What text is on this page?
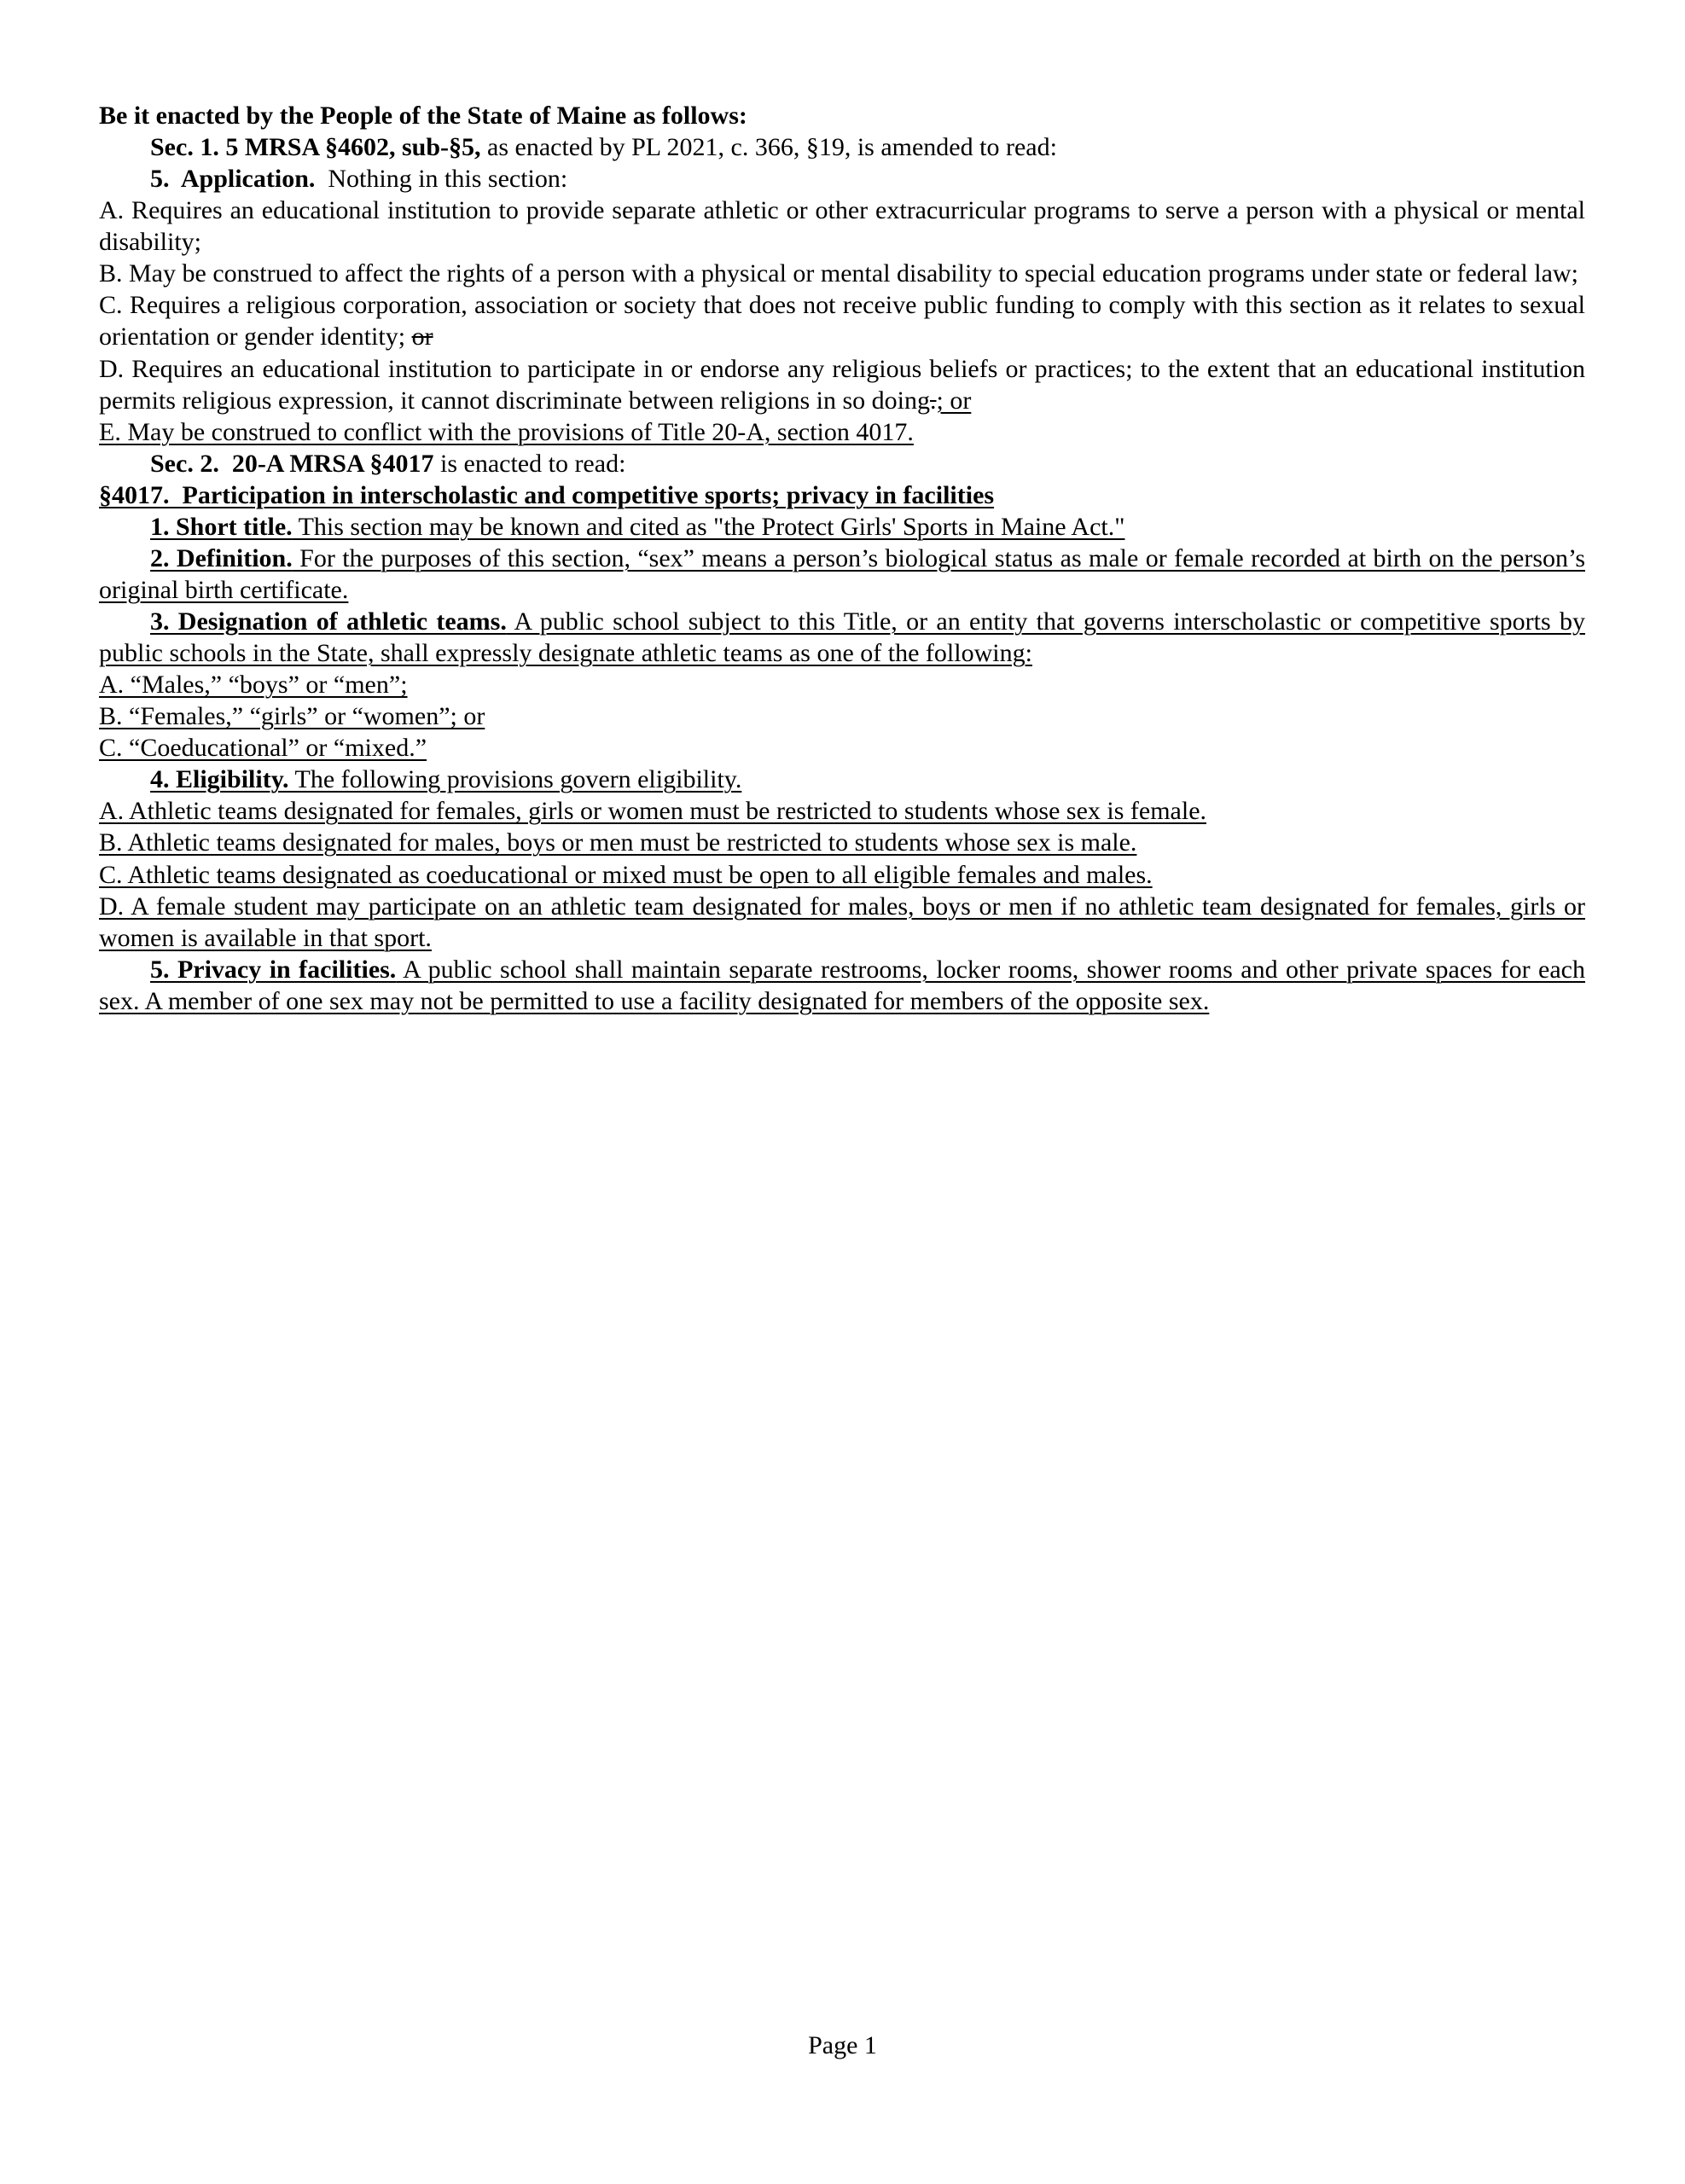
Be it enacted by the People of the State of Maine as follows:
Sec. 1. 5 MRSA §4602, sub-§5, as enacted by PL 2021, c. 366, §19, is amended to read:
5.  Application.  Nothing in this section:
A. Requires an educational institution to provide separate athletic or other extracurricular programs to serve a person with a physical or mental disability;
B. May be construed to affect the rights of a person with a physical or mental disability to special education programs under state or federal law;
C. Requires a religious corporation, association or society that does not receive public funding to comply with this section as it relates to sexual orientation or gender identity; or
D. Requires an educational institution to participate in or endorse any religious beliefs or practices; to the extent that an educational institution permits religious expression, it cannot discriminate between religions in so doing.; or
E. May be construed to conflict with the provisions of Title 20-A, section 4017.
Sec. 2.  20-A MRSA §4017 is enacted to read:
§4017.  Participation in interscholastic and competitive sports; privacy in facilities
1. Short title. This section may be known and cited as "the Protect Girls' Sports in Maine Act."
2. Definition. For the purposes of this section, “sex” means a person’s biological status as male or female recorded at birth on the person’s original birth certificate.
3. Designation of athletic teams. A public school subject to this Title, or an entity that governs interscholastic or competitive sports by public schools in the State, shall expressly designate athletic teams as one of the following:
A. “Males,” “boys” or “men”;
B. “Females,” “girls” or “women”; or
C. “Coeducational” or “mixed.”
4. Eligibility. The following provisions govern eligibility.
A. Athletic teams designated for females, girls or women must be restricted to students whose sex is female.
B. Athletic teams designated for males, boys or men must be restricted to students whose sex is male.
C. Athletic teams designated as coeducational or mixed must be open to all eligible females and males.
D. A female student may participate on an athletic team designated for males, boys or men if no athletic team designated for females, girls or women is available in that sport.
5. Privacy in facilities. A public school shall maintain separate restrooms, locker rooms, shower rooms and other private spaces for each sex. A member of one sex may not be permitted to use a facility designated for members of the opposite sex.
Page 1
